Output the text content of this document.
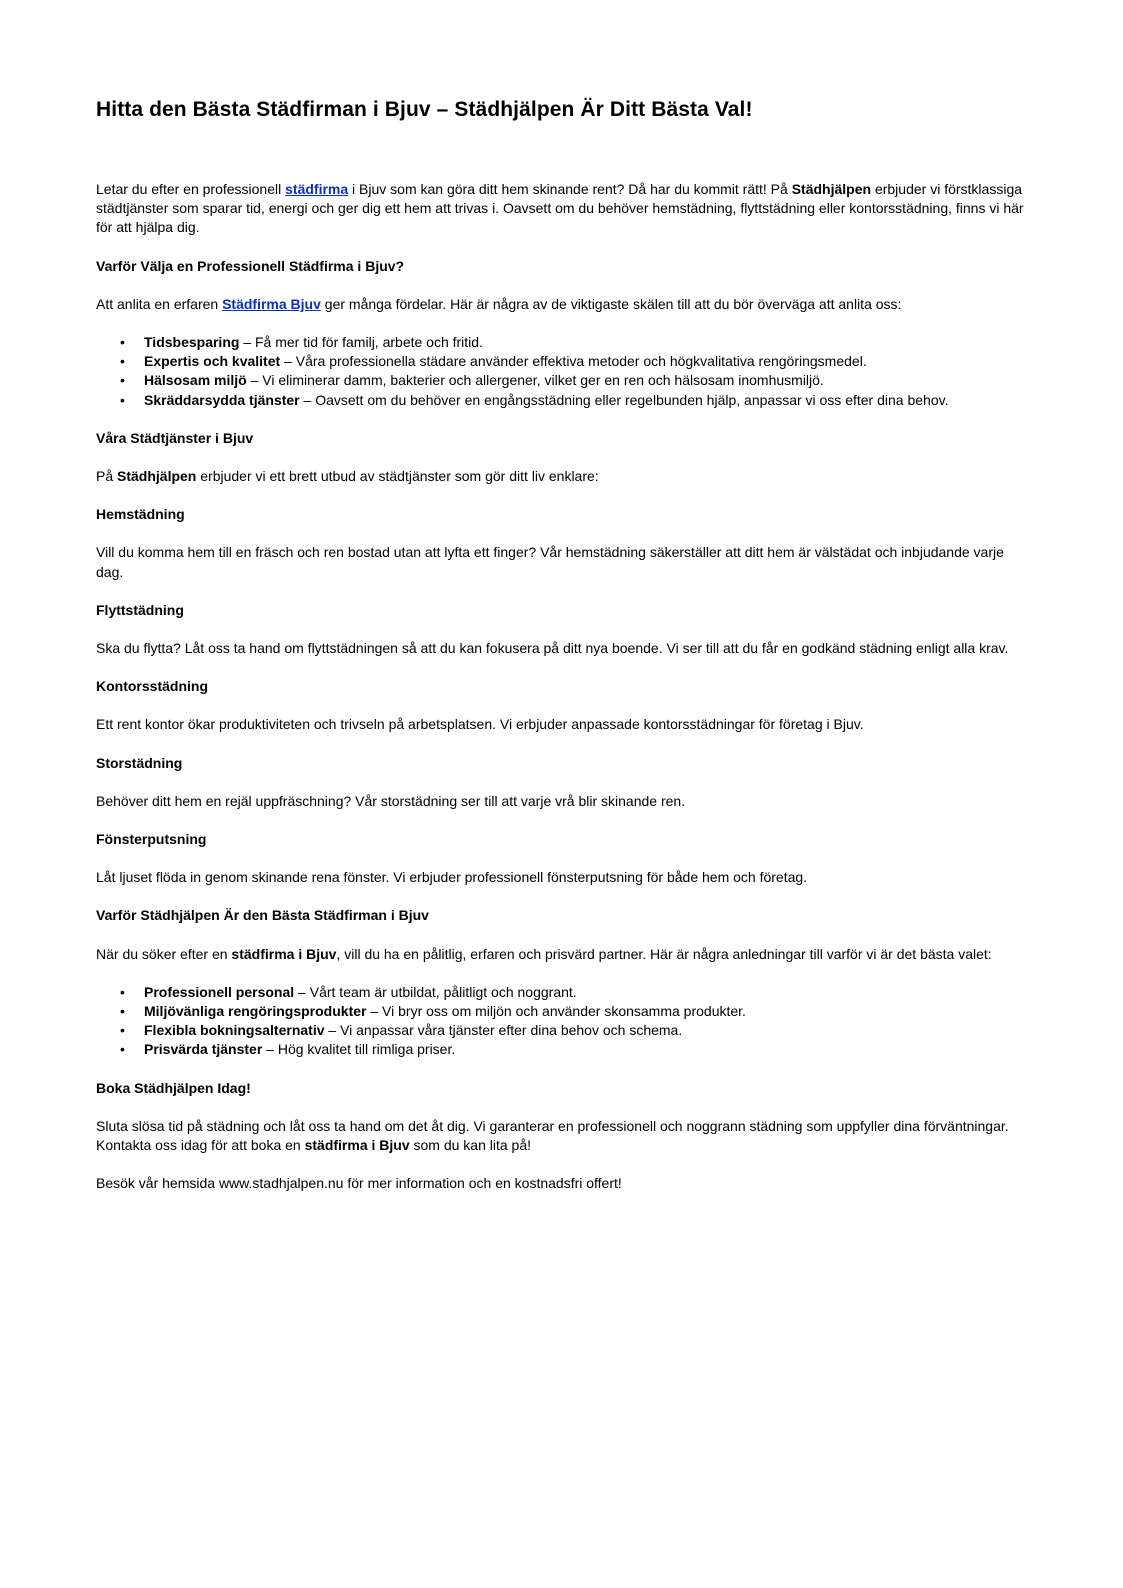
Hitta den Bästa Städfirman i Bjuv – Städhjälpen Är Ditt Bästa Val!

Letar du efter en professionell städfirma i Bjuv som kan göra ditt hem skinande rent? Då har du kommit rätt! På Städhjälpen erbjuder vi förstklassiga städtjänster som sparar tid, energi och ger dig ett hem att trivas i. Oavsett om du behöver hemstädning, flyttstädning eller kontorsstädning, finns vi här för att hjälpa dig.

Varför Välja en Professionell Städfirma i Bjuv?

Att anlita en erfaren Städfirma Bjuv ger många fördelar. Här är några av de viktigaste skälen till att du bör överväga att anlita oss:

• Tidsbesparing – Få mer tid för familj, arbete och fritid.
• Expertis och kvalitet – Våra professionella städare använder effektiva metoder och högkvalitativa rengöringsmedel.
• Hälsosam miljö – Vi eliminerar damm, bakterier och allergener, vilket ger en ren och hälsosam inomhusmiljö.
• Skräddarsydda tjänster – Oavsett om du behöver en engångsstädning eller regelbunden hjälp, anpassar vi oss efter dina behov.

Våra Städtjänster i Bjuv

På Städhjälpen erbjuder vi ett brett utbud av städtjänster som gör ditt liv enklare:

Hemstädning

Vill du komma hem till en fräsch och ren bostad utan att lyfta ett finger? Vår hemstädning säkerställer att ditt hem är välstädat och inbjudande varje dag.

Flyttstädning

Ska du flytta? Låt oss ta hand om flyttstädningen så att du kan fokusera på ditt nya boende. Vi ser till att du får en godkänd städning enligt alla krav.

Kontorsstädning

Ett rent kontor ökar produktiviteten och trivseln på arbetsplatsen. Vi erbjuder anpassade kontorsstädningar för företag i Bjuv.

Storstädning

Behöver ditt hem en rejäl uppfräschning? Vår storstädning ser till att varje vrå blir skinande ren.

Fönsterputsning

Låt ljuset flöda in genom skinande rena fönster. Vi erbjuder professionell fönsterputsning för både hem och företag.

Varför Städhjälpen Är den Bästa Städfirman i Bjuv

När du söker efter en städfirma i Bjuv, vill du ha en pålitlig, erfaren och prisvärd partner. Här är några anledningar till varför vi är det bästa valet:

• Professionell personal – Vårt team är utbildat, pålitligt och noggrant.
• Miljövänliga rengöringsprodukter – Vi bryr oss om miljön och använder skonsamma produkter.
• Flexibla bokningsalternativ – Vi anpassar våra tjänster efter dina behov och schema.
• Prisvärda tjänster – Hög kvalitet till rimliga priser.

Boka Städhjälpen Idag!

Sluta slösa tid på städning och låt oss ta hand om det åt dig. Vi garanterar en professionell och noggrann städning som uppfyller dina förväntningar. Kontakta oss idag för att boka en städfirma i Bjuv som du kan lita på!

Besök vår hemsida www.stadhjalpen.nu för mer information och en kostnadsfri offert!
